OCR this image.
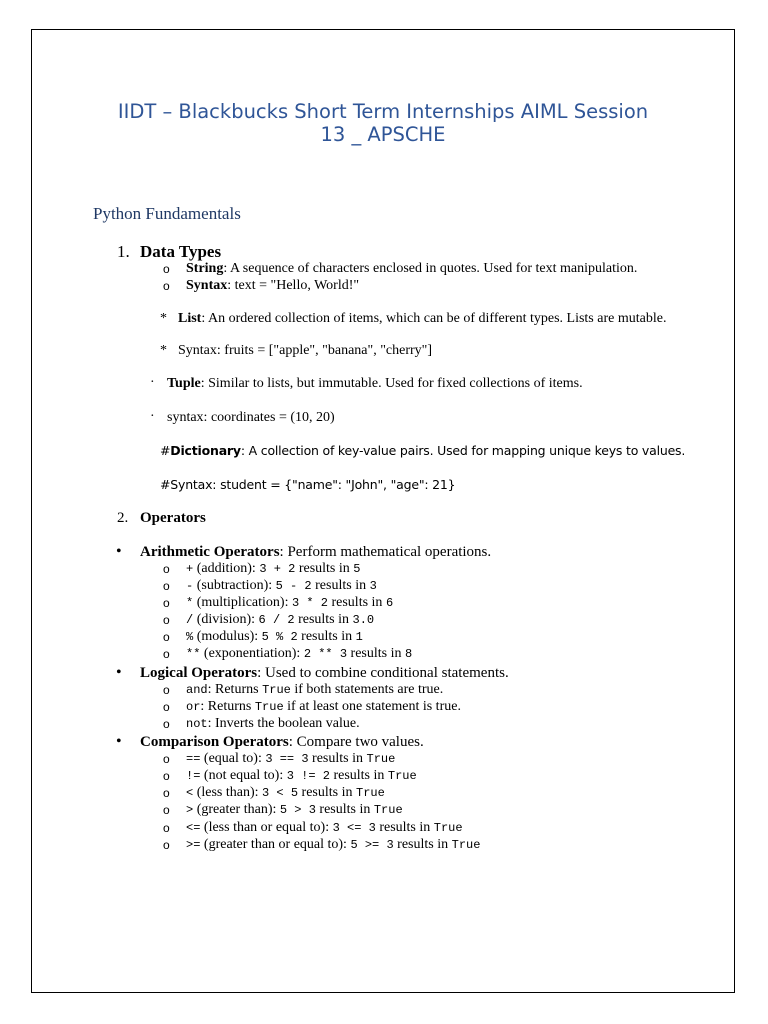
IIDT – Blackbucks Short Term Internships AIML Session
13 _ APSCHE
Python Fundamentals
1. Data Types
o String: A sequence of characters enclosed in quotes. Used for text manipulation.
o Syntax: text = "Hello, World!"
* List: An ordered collection of items, which can be of different types. Lists are mutable.
* Syntax: fruits = ["apple", "banana", "cherry"]
· Tuple: Similar to lists, but immutable. Used for fixed collections of items.
· syntax: coordinates = (10, 20)
#Dictionary: A collection of key-value pairs. Used for mapping unique keys to values.
#Syntax: student = {"name": "John", "age": 21}
2. Operators
• Arithmetic Operators: Perform mathematical operations.
o + (addition): 3 + 2 results in 5
o - (subtraction): 5 - 2 results in 3
o * (multiplication): 3 * 2 results in 6
o / (division): 6 / 2 results in 3.0
o % (modulus): 5 % 2 results in 1
o ** (exponentiation): 2 ** 3 results in 8
• Logical Operators: Used to combine conditional statements.
o and: Returns True if both statements are true.
o or: Returns True if at least one statement is true.
o not: Inverts the boolean value.
• Comparison Operators: Compare two values.
o == (equal to): 3 == 3 results in True
o != (not equal to): 3 != 2 results in True
o < (less than): 3 < 5 results in True
o > (greater than): 5 > 3 results in True
o <= (less than or equal to): 3 <= 3 results in True
o >= (greater than or equal to): 5 >= 3 results in True
